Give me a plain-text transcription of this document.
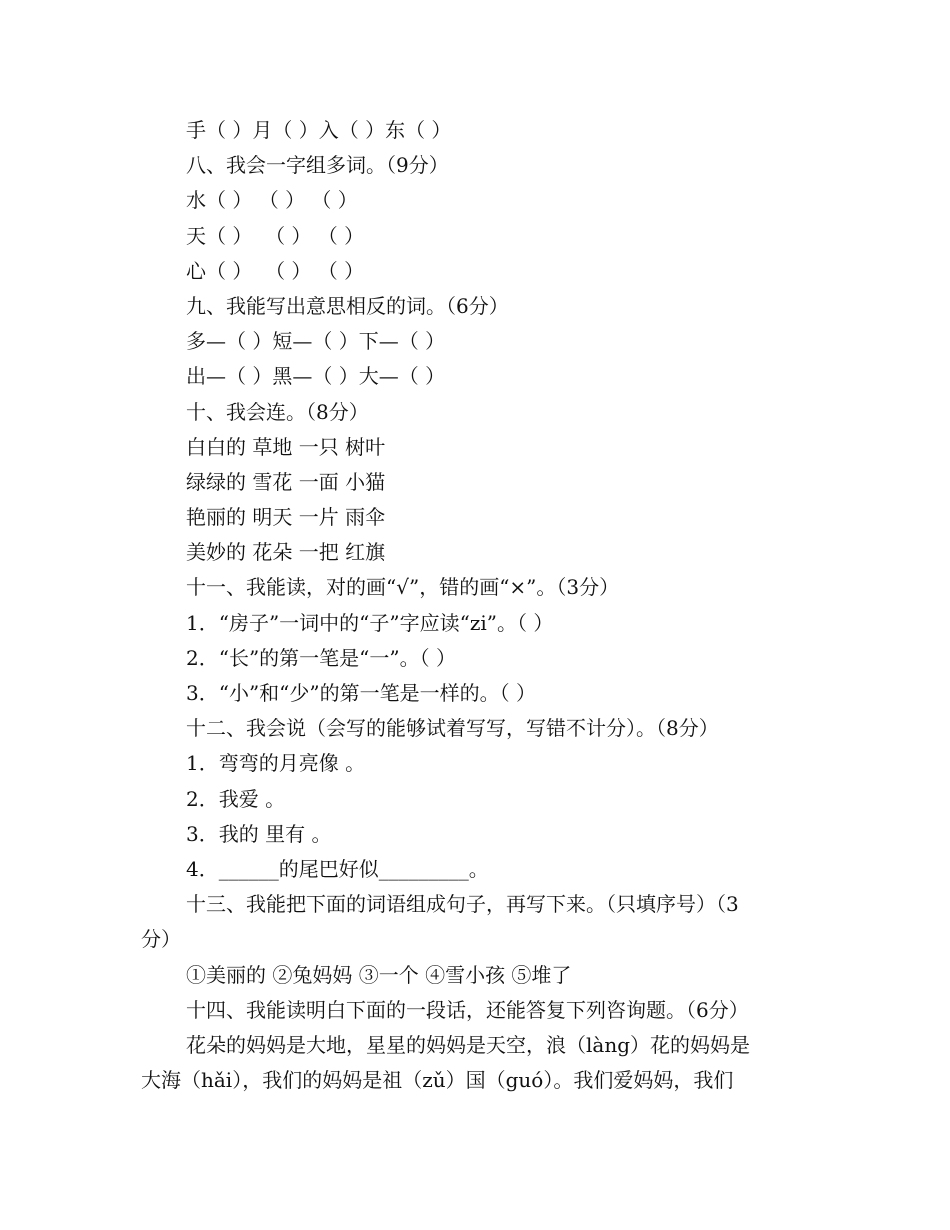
手（ ）月（ ）入（ ）东（ ）
八、我会一字组多词。（9分）
水（ ） （ ） （ ）
天（ ）  （ ） （ ）
心（ ）  （ ） （ ）
九、我能写出意思相反的词。（6分）
多—（ ）短—（ ）下—（ ）
出—（ ）黑—（ ）大—（ ）
十、我会连。（8分）
白白的 草地 一只 树叶
绿绿的 雪花 一面 小猫
艳丽的 明天 一片 雨伞
美妙的 花朵 一把 红旗
十一、我能读，对的画“√”，错的画“×”。（3分）
1．“房子”一词中的“子”字应读“zi”。（ ）
2．“长”的第一笔是“一”。（ ）
3．“小”和“少”的第一笔是一样的。（ ）
十二、我会说（会写的能够试着写写，写错不计分）。（8分）
1．弯弯的月亮像 。
2．我爱 。
3．我的 里有 。
4．______的尾巴好似_________。
十三、我能把下面的词语组成句子，再写下来。（只填序号）（3
分）
①美丽的 ②兔妈妈 ③一个 ④雪小孩 ⑤堆了
十四、我能读明白下面的一段话，还能答复下列咨询题。（6分）
花朵的妈妈是大地，星星的妈妈是天空，浪（làng）花的妈妈是
大海（hǎi），我们的妈妈是祖（zǔ）国（guó）。我们爱妈妈，我们
